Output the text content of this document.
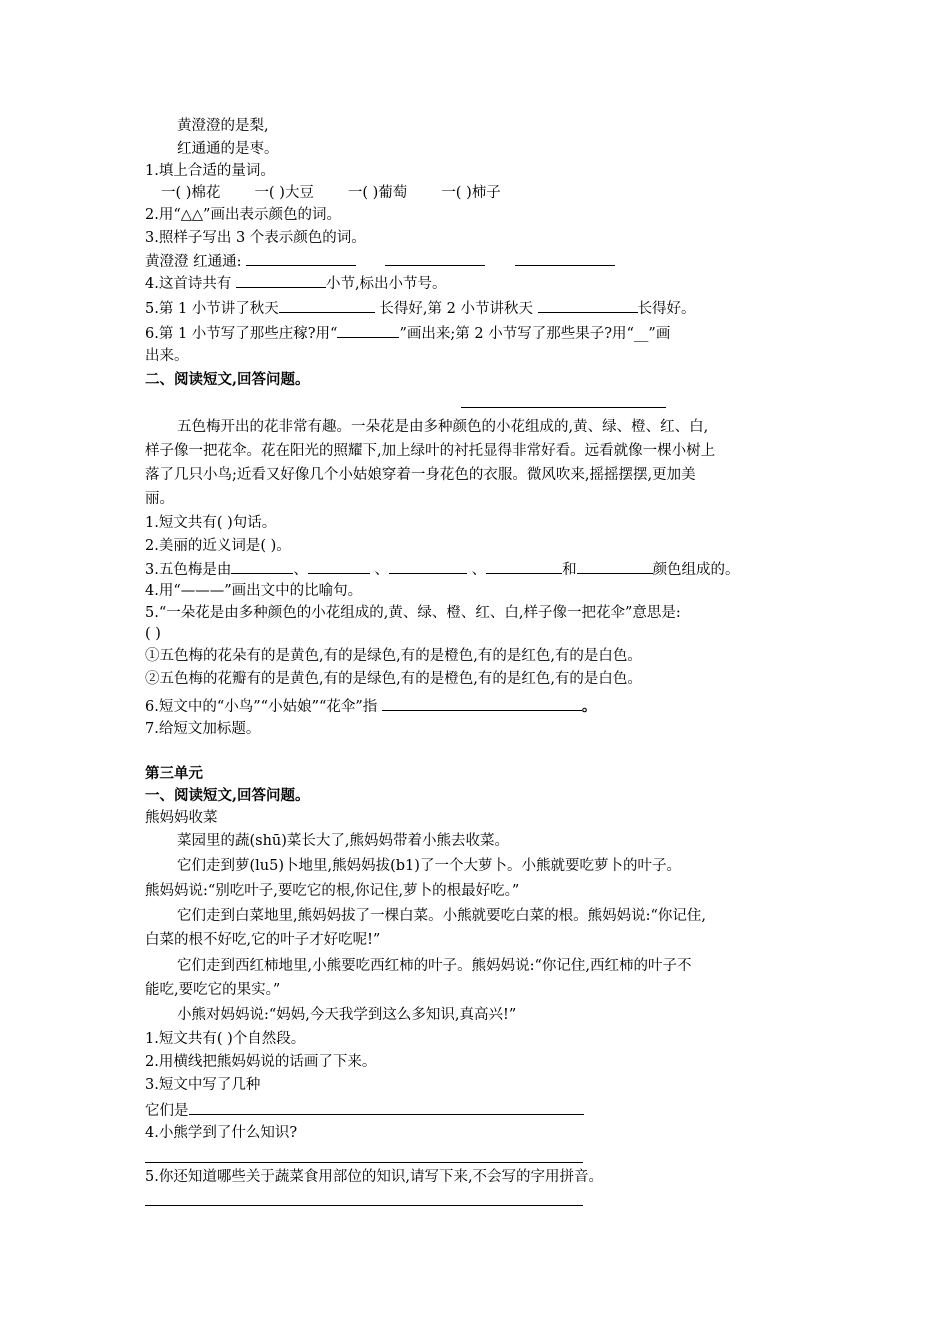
黄澄澄的是梨,
红通通的是枣。
1.填上合适的量词。
一( )棉花 一( )大豆 一( )葡萄 一( )柿子
2.用“△△”画出表示颜色的词。
3.照样子写出 3 个表示颜色的词。
黄澄澄 红通通:
4.这首诗共有	小节,标出小节号。
5.第 1 小节讲了秋天	长得好,第 2 小节讲秋天	长得好。
6.第 1 小节写了那些庄稼?用“	”画出来;第 2 小节写了那些果子?用“__”画
出来。
二、阅读短文,回答问题。
五色梅开出的花非常有趣。一朵花是由多种颜色的小花组成的,黄、绿、橙、红、白,
样子像一把花伞。花在阳光的照耀下,加上绿叶的衬托显得非常好看。远看就像一棵小树上
落了几只小鸟;近看又好像几个小姑娘穿着一身花色的衣服。微风吹来,摇摇摆摆,更加美
丽。
1.短文共有( )句话。
2.美丽的近义词是( )。
3.五色梅是由	、	、	、	和	颜色组成的。
4.用“———”画出文中的比喻句。
5.“一朵花是由多种颜色的小花组成的,黄、绿、橙、红、白,样子像一把花伞”意思是:
( )
①五色梅的花朵有的是黄色,有的是绿色,有的是橙色,有的是红色,有的是白色。
②五色梅的花瓣有的是黄色,有的是绿色,有的是橙色,有的是红色,有的是白色。
6.短文中的“小鸟”“小姑娘”“花伞”指	。
7.给短文加标题。
第三单元
一、阅读短文,回答问题。
熊妈妈收菜
菜园里的蔬(shū)菜长大了,熊妈妈带着小熊去收菜。
它们走到萝(lu5)卜地里,熊妈妈拔(b1)了一个大萝卜。小熊就要吃萝卜的叶子。
熊妈妈说:“别吃叶子,要吃它的根,你记住,萝卜的根最好吃。”
它们走到白菜地里,熊妈妈拔了一棵白菜。小熊就要吃白菜的根。熊妈妈说:“你记住,
白菜的根不好吃,它的叶子才好吃呢!”
它们走到西红柿地里,小熊要吃西红柿的叶子。熊妈妈说:“你记住,西红柿的叶子不
能吃,要吃它的果实。”
小熊对妈妈说:“妈妈,今天我学到这么多知识,真高兴!”
1.短文共有( )个自然段。
2.用横线把熊妈妈说的话画了下来。
3.短文中写了几种
它们是
4.小熊学到了什么知识?
5.你还知道哪些关于蔬菜食用部位的知识,请写下来,不会写的字用拼音。
